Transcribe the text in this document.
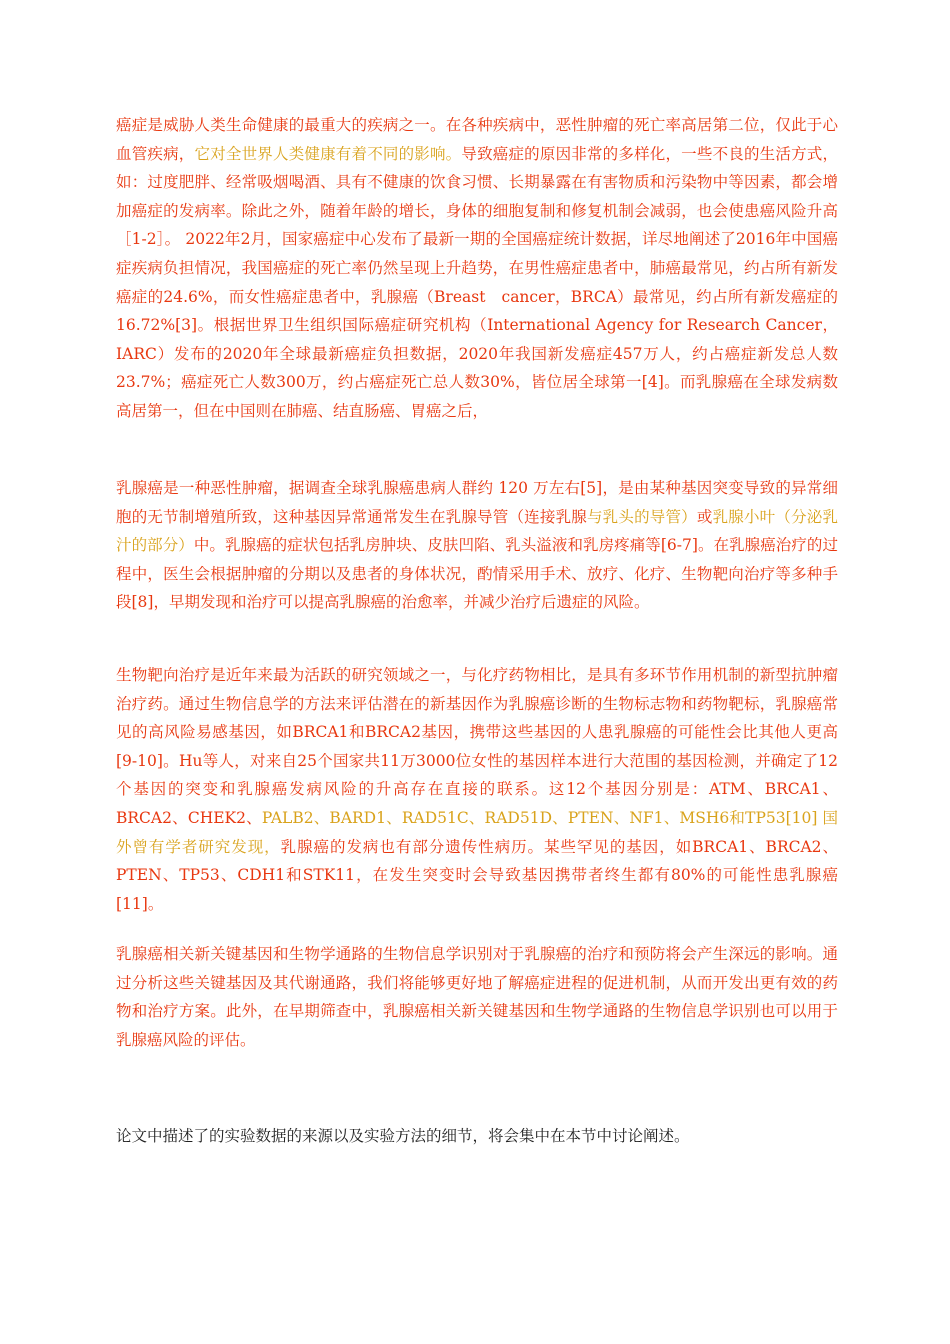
癌症是威胁人类生命健康的最重大的疾病之一。在各种疾病中，恶性肿瘤的死亡率高居第二位，仅此于心血管疾病，它对全世界人类健康有着不同的影响。导致癌症的原因非常的多样化，一些不良的生活方式，如：过度肥胖、经常吸烟喝酒、具有不健康的饮食习惯、长期暴露在有害物质和污染物中等因素，都会增加癌症的发病率。除此之外，随着年龄的增长，身体的细胞复制和修复机制会减弱，也会使患癌风险升高［1-2］。 2022年2月，国家癌症中心发布了最新一期的全国癌症统计数据，详尽地阐述了2016年中国癌症疾病负担情况，我国癌症的死亡率仍然呈现上升趋势，在男性癌症患者中，肺癌最常见，约占所有新发癌症的24.6%，而女性癌症患者中，乳腺癌（Breast　cancer，BRCA）最常见，约占所有新发癌症的16.72%[3]。根据世界卫生组织国际癌症研究机构（International Agency for Research Cancer，IARC）发布的2020年全球最新癌症负担数据，2020年我国新发癌症457万人，约占癌症新发总人数23.7%；癌症死亡人数300万，约占癌症死亡总人数30%，皆位居全球第一[4]。而乳腺癌在全球发病数高居第一，但在中国则在肺癌、结直肠癌、胃癌之后，

乳腺癌是一种恶性肿瘤，据调查全球乳腺癌患病人群约 120 万左右[5]，是由某种基因突变导致的异常细胞的无节制增殖所致，这种基因异常通常发生在乳腺导管（连接乳腺与乳头的导管）或乳腺小叶（分泌乳汁的部分）中。乳腺癌的症状包括乳房肿块、皮肤凹陷、乳头溢液和乳房疼痛等[6-7]。在乳腺癌治疗的过程中，医生会根据肿瘤的分期以及患者的身体状况，酌情采用手术、放疗、化疗、生物靶向治疗等多种手段[8]，早期发现和治疗可以提高乳腺癌的治愈率，并减少治疗后遗症的风险。

生物靶向治疗是近年来最为活跃的研究领域之一，与化疗药物相比，是具有多环节作用机制的新型抗肿瘤治疗药。通过生物信息学的方法来评估潜在的新基因作为乳腺癌诊断的生物标志物和药物靶标，乳腺癌常见的高风险易感基因，如BRCA1和BRCA2基因，携带这些基因的人患乳腺癌的可能性会比其他人更高[9-10]。Hu等人，对来自25个国家共11万3000位女性的基因样本进行大范围的基因检测，并确定了12个基因的突变和乳腺癌发病风险的升高存在直接的联系。这12个基因分别是：ATM、BRCA1、BRCA2、CHEK2、PALB2、BARD1、RAD51C、RAD51D、PTEN、NF1、MSH6和TP53[10] 国外曾有学者研究发现，乳腺癌的发病也有部分遗传性病历。某些罕见的基因，如BRCA1、BRCA2、PTEN、TP53、CDH1和STK11，在发生突变时会导致基因携带者终生都有80%的可能性患乳腺癌[11]。

乳腺癌相关新关键基因和生物学通路的生物信息学识别对于乳腺癌的治疗和预防将会产生深远的影响。通过分析这些关键基因及其代谢通路，我们将能够更好地了解癌症进程的促进机制，从而开发出更有效的药物和治疗方案。此外，在早期筛查中，乳腺癌相关新关键基因和生物学通路的生物信息学识别也可以用于乳腺癌风险的评估。

论文中描述了的实验数据的来源以及实验方法的细节，将会集中在本节中讨论阐述。
